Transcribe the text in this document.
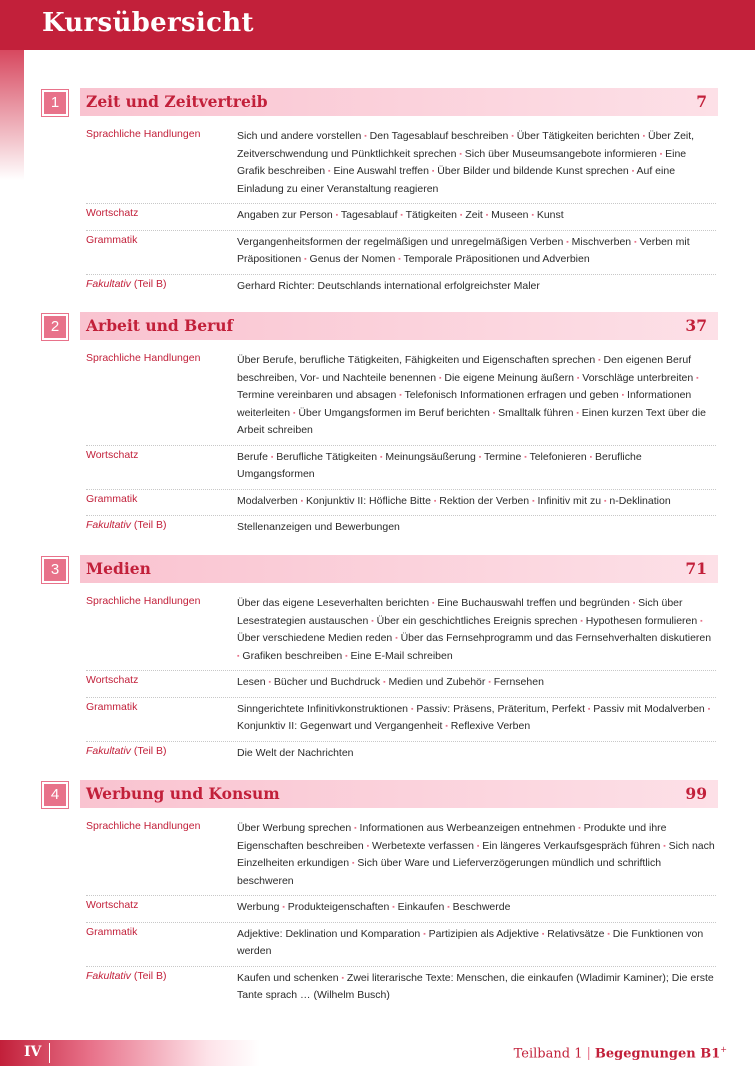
Kursübersicht
1	Zeit und Zeitvertreib	7
Sprachliche Handlungen	Sich und andere vorstellen ▪ Den Tagesablauf beschreiben ▪ Über Tätigkeiten berichten ▪ Über Zeit, Zeitverschwendung und Pünktlichkeit sprechen ▪ Sich über Museumsangebote informieren ▪ Eine Grafik beschreiben ▪ Eine Auswahl treffen ▪ Über Bilder und bildende Kunst sprechen ▪ Auf eine Einladung zu einer Veranstaltung reagieren
Wortschatz	Angaben zur Person ▪ Tagesablauf ▪ Tätigkeiten ▪ Zeit ▪ Museen ▪ Kunst
Grammatik	Vergangenheitsformen der regelmäßigen und unregelmäßigen Verben ▪ Mischverben ▪ Verben mit Präpositionen ▪ Genus der Nomen ▪ Temporale Präpositionen und Adverbien
Fakultativ (Teil B)	Gerhard Richter: Deutschlands international erfolgreichster Maler
2	Arbeit und Beruf	37
Sprachliche Handlungen	Über Berufe, berufliche Tätigkeiten, Fähigkeiten und Eigenschaften sprechen ▪ Den eigenen Beruf beschreiben, Vor- und Nachteile benennen ▪ Die eigene Meinung äußern ▪ Vorschläge unterbreiten ▪ Termine vereinbaren und absagen ▪ Telefonisch Informationen erfragen und geben ▪ Informationen weiterleiten ▪ Über Umgangsformen im Beruf berichten ▪ Smalltalk führen ▪ Einen kurzen Text über die Arbeit schreiben
Wortschatz	Berufe ▪ Berufliche Tätigkeiten ▪ Meinungsäußerung ▪ Termine ▪ Telefonieren ▪ Berufliche Umgangsformen
Grammatik	Modalverben ▪ Konjunktiv II: Höfliche Bitte ▪ Rektion der Verben ▪ Infinitiv mit zu ▪ n-Deklination
Fakultativ (Teil B)	Stellenanzeigen und Bewerbungen
3	Medien	71
Sprachliche Handlungen	Über das eigene Leseverhalten berichten ▪ Eine Buchauswahl treffen und begründen ▪ Sich über Lesestrategien austauschen ▪ Über ein geschichtliches Ereignis sprechen ▪ Hypothesen formulieren ▪ Über verschiedene Medien reden ▪ Über das Fernsehprogramm und das Fernsehverhalten diskutieren ▪ Grafiken beschreiben ▪ Eine E-Mail schreiben
Wortschatz	Lesen ▪ Bücher und Buchdruck ▪ Medien und Zubehör ▪ Fernsehen
Grammatik	Sinngerichtete Infinitivkonstruktionen ▪ Passiv: Präsens, Präteritum, Perfekt ▪ Passiv mit Modalverben ▪ Konjunktiv II: Gegenwart und Vergangenheit ▪ Reflexive Verben
Fakultativ (Teil B)	Die Welt der Nachrichten
4	Werbung und Konsum	99
Sprachliche Handlungen	Über Werbung sprechen ▪ Informationen aus Werbeanzeigen entnehmen ▪ Produkte und ihre Eigenschaften beschreiben ▪ Werbetexte verfassen ▪ Ein längeres Verkaufsgespräch führen ▪ Sich nach Einzelheiten erkundigen ▪ Sich über Ware und Lieferverzögerungen mündlich und schriftlich beschweren
Wortschatz	Werbung ▪ Produkteigenschaften ▪ Einkaufen ▪ Beschwerde
Grammatik	Adjektive: Deklination und Komparation ▪ Partizipien als Adjektive ▪ Relativsätze ▪ Die Funktionen von werden
Fakultativ (Teil B)	Kaufen und schenken ▪ Zwei literarische Texte: Menschen, die einkaufen (Wladimir Kaminer); Die erste Tante sprach … (Wilhelm Busch)
IV	Teilband 1 | Begegnungen B1+
